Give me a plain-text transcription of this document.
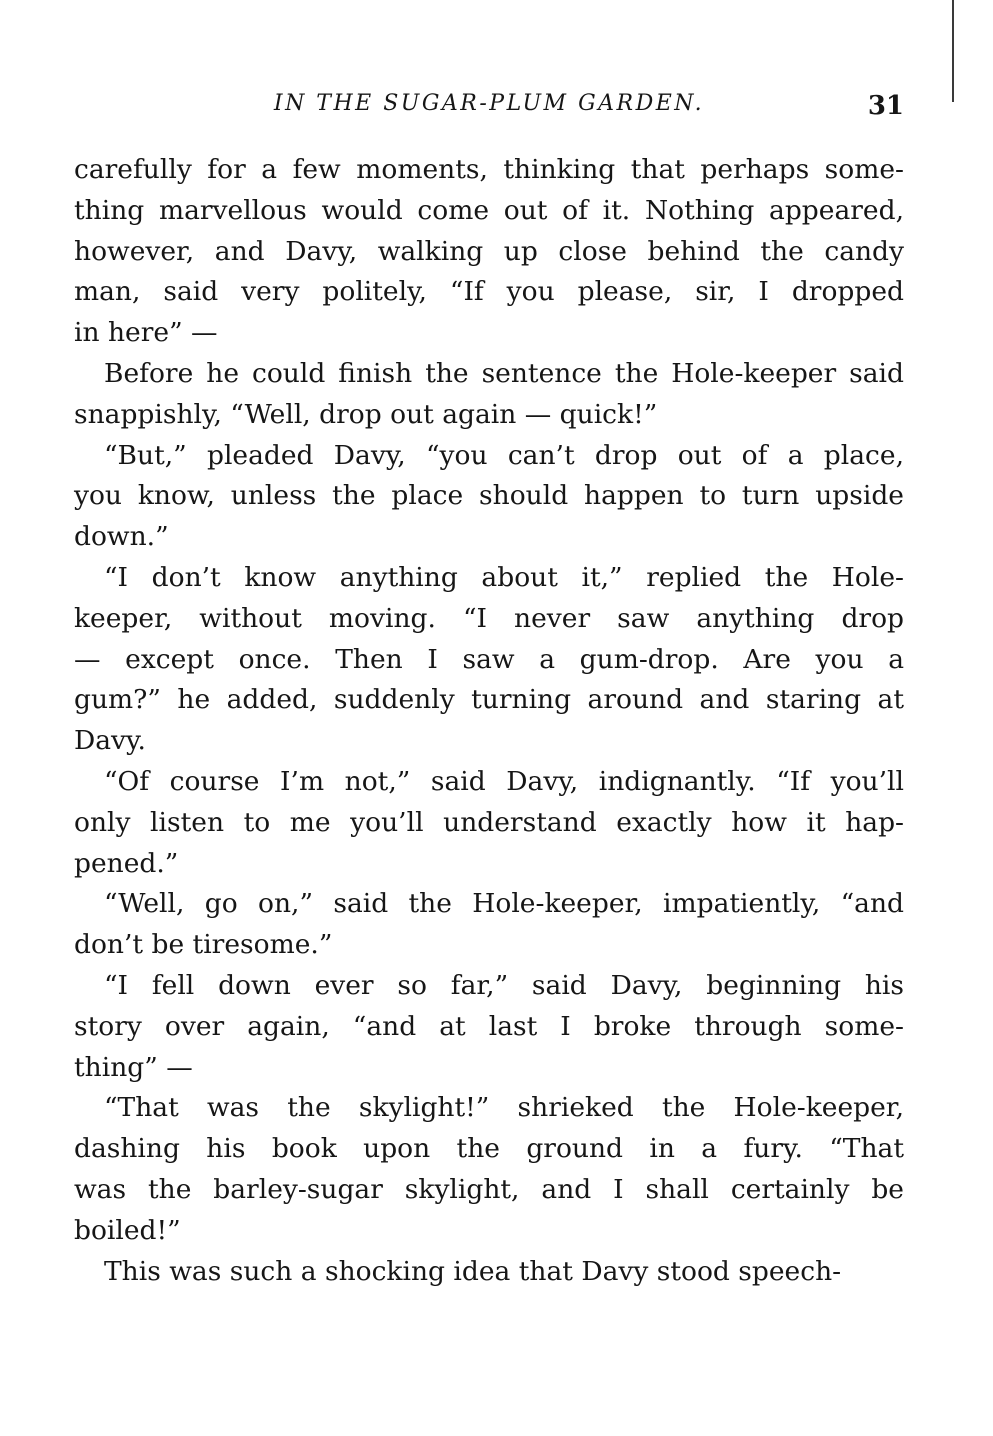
IN THE SUGAR-PLUM GARDEN.	31

carefully for a few moments, thinking that perhaps some-
thing marvellous would come out of it. Nothing appeared,
however, and Davy, walking up close behind the candy
man, said very politely, “If you please, sir, I dropped
in here” —

Before he could finish the sentence the Hole-keeper said
snappishly, “Well, drop out again — quick!”

“But,” pleaded Davy, “you can’t drop out of a place,
you know, unless the place should happen to turn upside
down.”

“I don’t know anything about it,” replied the Hole-
keeper, without moving. “I never saw anything drop
— except once. Then I saw a gum-drop. Are you a
gum?” he added, suddenly turning around and staring at
Davy.

“Of course I’m not,” said Davy, indignantly. “If you’ll
only listen to me you’ll understand exactly how it hap-
pened.”

“Well, go on,” said the Hole-keeper, impatiently, “and
don’t be tiresome.”

“I fell down ever so far,” said Davy, beginning his
story over again, “and at last I broke through some-
thing” —

“That was the skylight!” shrieked the Hole-keeper,
dashing his book upon the ground in a fury. “That
was the barley-sugar skylight, and I shall certainly be
boiled!”

This was such a shocking idea that Davy stood speech-
